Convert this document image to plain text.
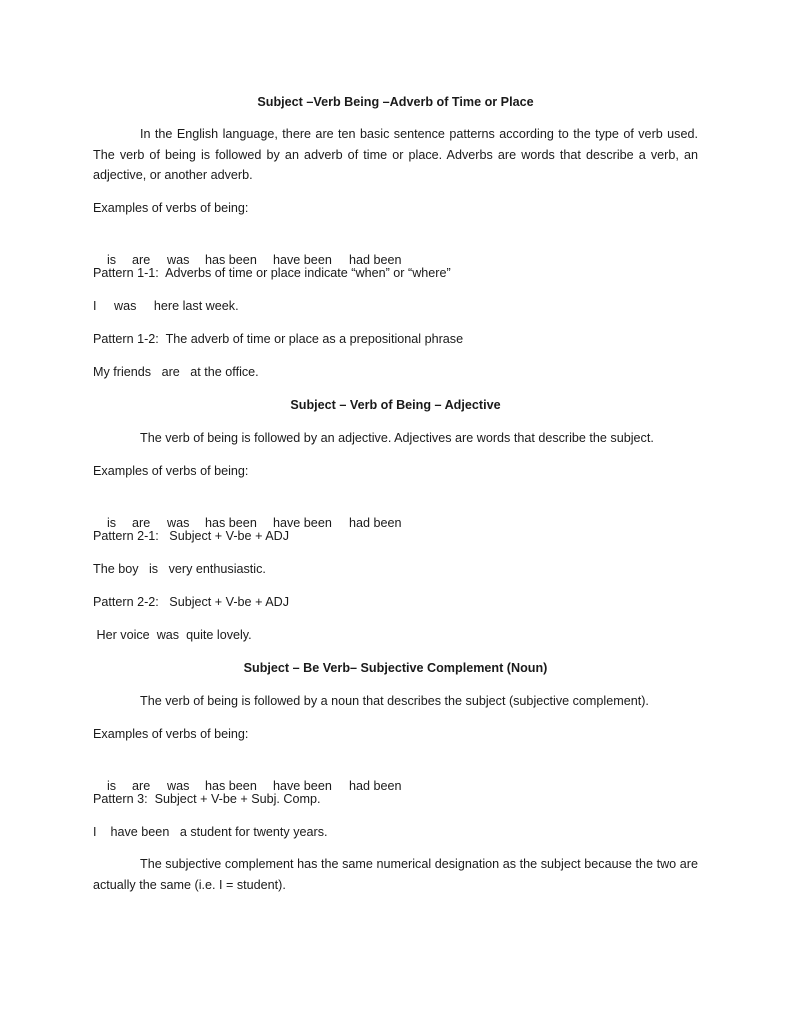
Subject –Verb Being –Adverb of Time or Place
In the English language, there are ten basic sentence patterns according to the type of verb used. The verb of being is followed by an adverb of time or place. Adverbs are words that describe a verb, an adjective, or another adverb.
Examples of verbs of being:

is are was has been have been had been

Pattern 1-1:  Adverbs of time or place indicate “when” or “where”
I     was     here last week.
Pattern 1-2:  The adverb of time or place as a prepositional phrase
My friends   are   at the office.
Subject – Verb of Being – Adjective
The verb of being is followed by an adjective. Adjectives are words that describe the subject.
Examples of verbs of being:

is are was has been have been had been

Pattern 2-1:   Subject + V-be + ADJ
The boy   is   very enthusiastic.
Pattern 2-2:   Subject + V-be + ADJ
Her voice  was  quite lovely.
Subject – Be Verb– Subjective Complement (Noun)
The verb of being is followed by a noun that describes the subject (subjective complement).
Examples of verbs of being:

is are was has been have been had been

Pattern 3:  Subject + V-be + Subj. Comp.
I    have been   a student for twenty years.
The subjective complement has the same numerical designation as the subject because the two are actually the same (i.e. I = student).
